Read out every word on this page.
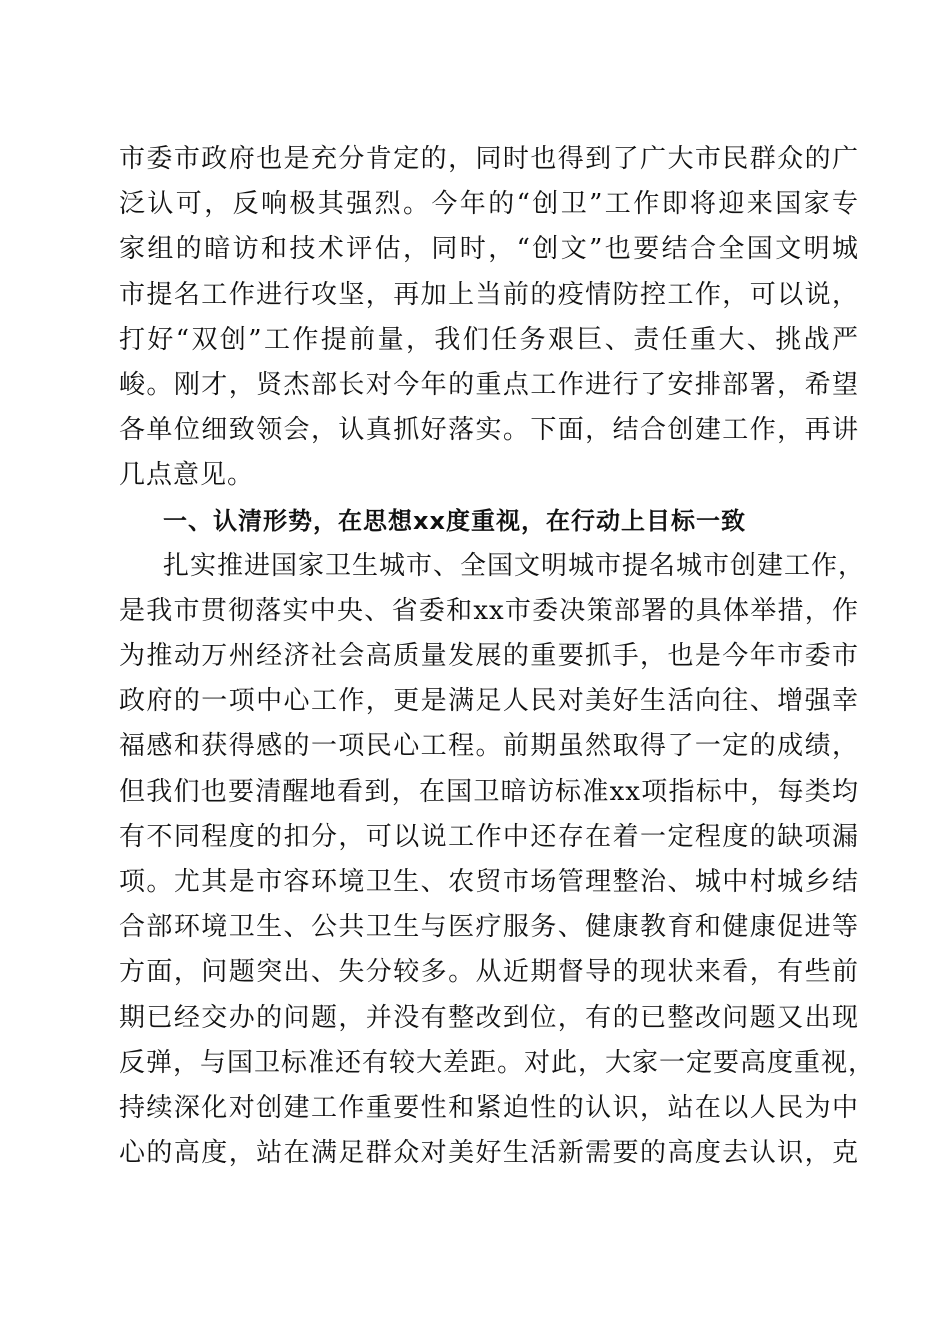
市委市政府也是充分肯定的，同时也得到了广大市民群众的广
泛认可，反响极其强烈。今年的“创卫”工作即将迎来国家专
家组的暗访和技术评估，同时，“创文”也要结合全国文明城
市提名工作进行攻坚，再加上当前的疫情防控工作，可以说，
打好“双创”工作提前量，我们任务艰巨、责任重大、挑战严
峻。刚才，贤杰部长对今年的重点工作进行了安排部署，希望
各单位细致领会，认真抓好落实。下面，结合创建工作，再讲
几点意见。
一、认清形势，在思想xx度重视，在行动上目标一致
扎实推进国家卫生城市、全国文明城市提名城市创建工作，
是我市贯彻落实中央、省委和xx市委决策部署的具体举措，作
为推动万州经济社会高质量发展的重要抓手，也是今年市委市
政府的一项中心工作，更是满足人民对美好生活向往、增强幸
福感和获得感的一项民心工程。前期虽然取得了一定的成绩，
但我们也要清醒地看到，在国卫暗访标准xx项指标中，每类均
有不同程度的扣分，可以说工作中还存在着一定程度的缺项漏
项。尤其是市容环境卫生、农贸市场管理整治、城中村城乡结
合部环境卫生、公共卫生与医疗服务、健康教育和健康促进等
方面，问题突出、失分较多。从近期督导的现状来看，有些前
期已经交办的问题，并没有整改到位，有的已整改问题又出现
反弹，与国卫标准还有较大差距。对此，大家一定要高度重视，
持续深化对创建工作重要性和紧迫性的认识，站在以人民为中
心的高度，站在满足群众对美好生活新需要的高度去认识，克
